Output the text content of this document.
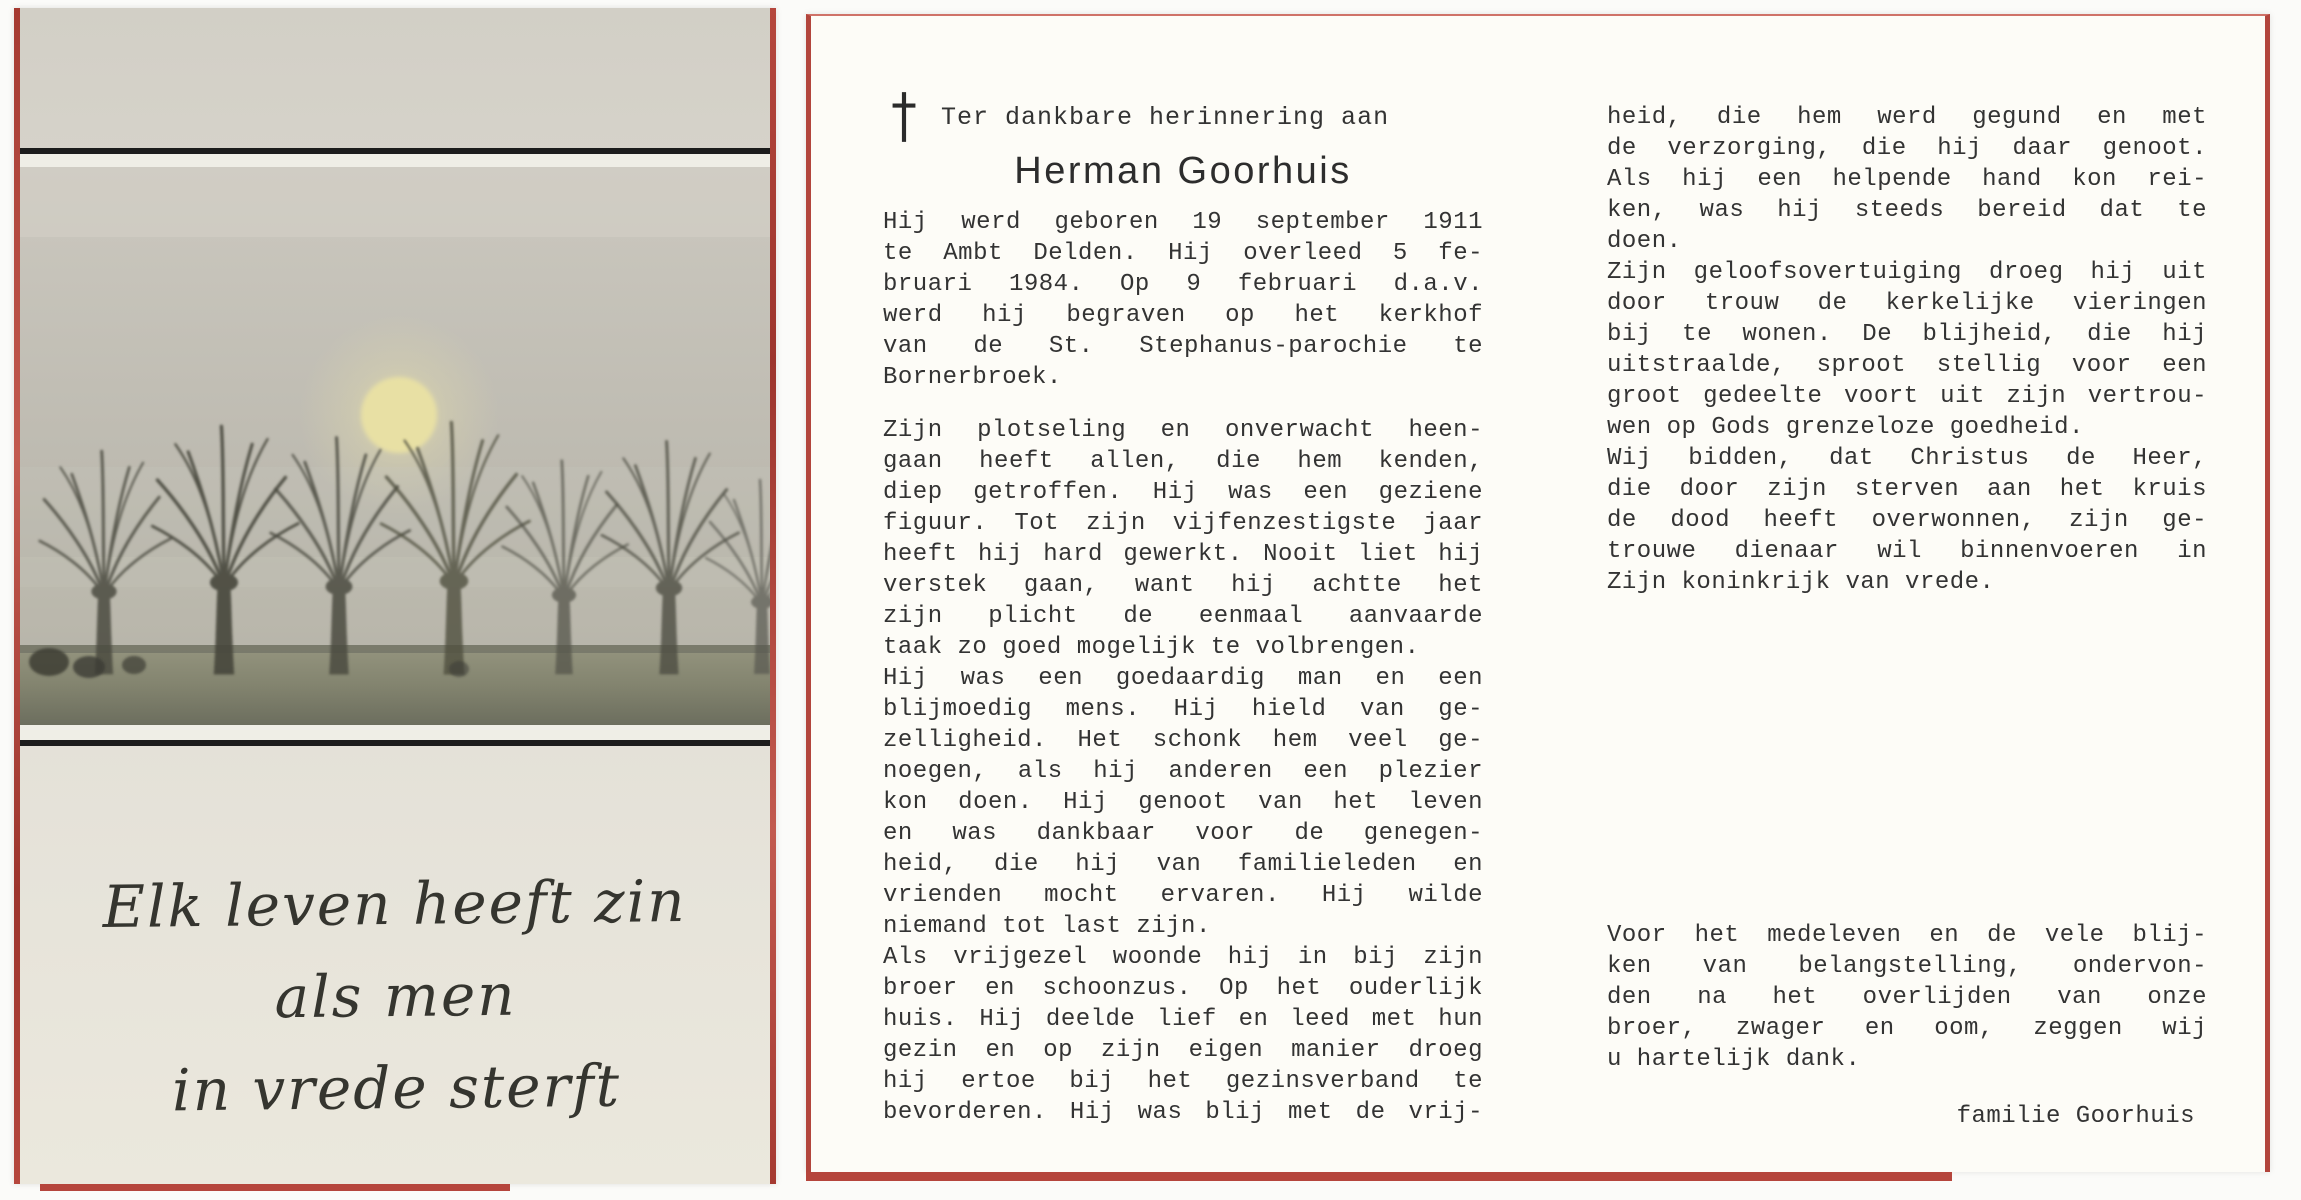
Elk leven heeft zin
als men
in vrede sterft
Ter dankbare herinnering aan
Herman Goorhuis
Hij werd geboren 19 september 1911
te Ambt Delden. Hij overleed 5 fe-
bruari 1984. Op 9 februari d.a.v.
werd hij begraven op het kerkhof
van de St. Stephanus-parochie te
Bornerbroek.
Zijn plotseling en onverwacht heen-
gaan heeft allen, die hem kenden,
diep getroffen. Hij was een geziene
figuur. Tot zijn vijfenzestigste jaar
heeft hij hard gewerkt. Nooit liet hij
verstek gaan, want hij achtte het
zijn plicht de eenmaal aanvaarde
taak zo goed mogelijk te volbrengen.
Hij was een goedaardig man en een
blijmoedig mens. Hij hield van ge-
zelligheid. Het schonk hem veel ge-
noegen, als hij anderen een plezier
kon doen. Hij genoot van het leven
en was dankbaar voor de genegen-
heid, die hij van familieleden en
vrienden mocht ervaren. Hij wilde
niemand tot last zijn.
Als vrijgezel woonde hij in bij zijn
broer en schoonzus. Op het ouderlijk
huis. Hij deelde lief en leed met hun
gezin en op zijn eigen manier droeg
hij ertoe bij het gezinsverband te
bevorderen. Hij was blij met de vrij-
heid, die hem werd gegund en met
de verzorging, die hij daar genoot.
Als hij een helpende hand kon rei-
ken, was hij steeds bereid dat te
doen.
Zijn geloofsovertuiging droeg hij uit
door trouw de kerkelijke vieringen
bij te wonen. De blijheid, die hij
uitstraalde, sproot stellig voor een
groot gedeelte voort uit zijn vertrou-
wen op Gods grenzeloze goedheid.
Wij bidden, dat Christus de Heer,
die door zijn sterven aan het kruis
de dood heeft overwonnen, zijn ge-
trouwe dienaar wil binnenvoeren in
Zijn koninkrijk van vrede.
Voor het medeleven en de vele blij-
ken van belangstelling, ondervon-
den na het overlijden van onze
broer, zwager en oom, zeggen wij
u hartelijk dank.
familie Goorhuis
